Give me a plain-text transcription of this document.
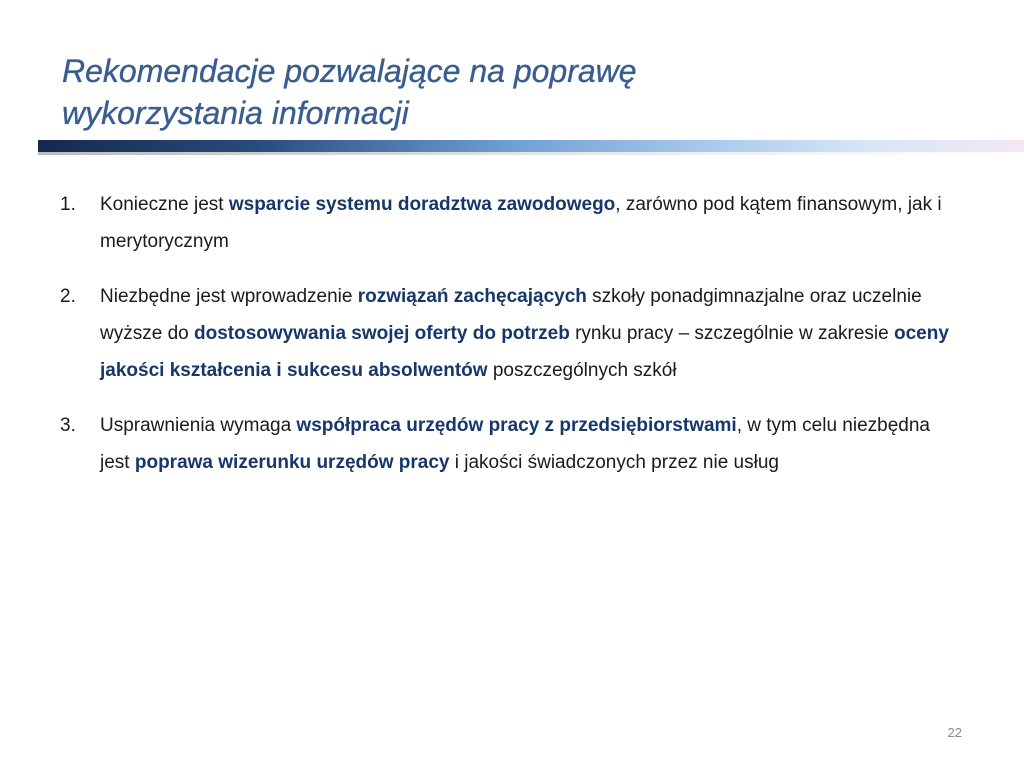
Rekomendacje pozwalające na poprawę
wykorzystania informacji
1. Konieczne jest wsparcie systemu doradztwa zawodowego, zarówno pod kątem finansowym, jak i merytorycznym
2. Niezbędne jest wprowadzenie rozwiązań zachęcających szkoły ponadgimnazjalne oraz uczelnie wyższe do dostosowywania swojej oferty do potrzeb rynku pracy – szczególnie w zakresie oceny jakości kształcenia i sukcesu absolwentów poszczególnych szkół
3. Usprawnienia wymaga współpraca urzędów pracy z przedsiębiorstwami, w tym celu niezbędna jest poprawa wizerunku urzędów pracy i jakości świadczonych przez nie usług
22
